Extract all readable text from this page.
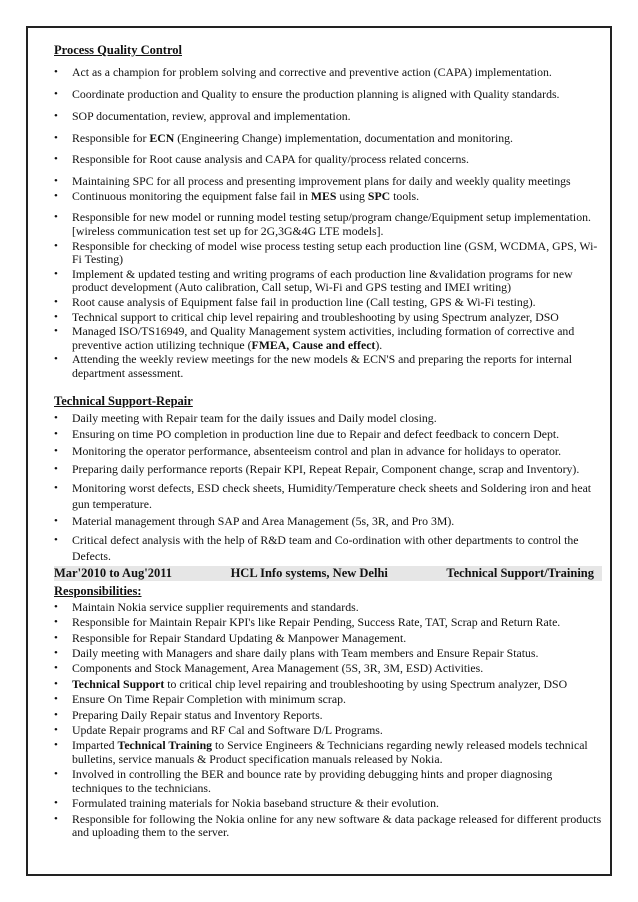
Process Quality Control

• Act as a champion for problem solving and corrective and preventive action (CAPA) implementation.
• Coordinate production and Quality to ensure the production planning is aligned with Quality standards.
• SOP documentation, review, approval and implementation.
• Responsible for ECN (Engineering Change) implementation, documentation and monitoring.
• Responsible for Root cause analysis and CAPA for quality/process related concerns.
• Maintaining SPC for all process and presenting improvement plans for daily and weekly quality meetings
• Continuous monitoring the equipment false fail in MES using SPC tools.
• Responsible for new model or running model testing setup/program change/Equipment setup implementation. [wireless communication test set up for 2G,3G&4G LTE models].
• Responsible for checking of model wise process testing setup each production line (GSM, WCDMA, GPS, Wi-Fi Testing)
• Implement & updated testing and writing programs of each production line &validation programs for new product development (Auto calibration, Call setup, Wi-Fi and GPS testing and IMEI writing)
• Root cause analysis of Equipment false fail in production line (Call testing, GPS & Wi-Fi testing).
• Technical support to critical chip level repairing and troubleshooting by using Spectrum analyzer, DSO
• Managed ISO/TS16949, and Quality Management system activities, including formation of corrective and preventive action utilizing technique (FMEA, Cause and effect).
• Attending the weekly review meetings for the new models & ECN'S and preparing the reports for internal department assessment.

Technical Support-Repair

• Daily meeting with Repair team for the daily issues and Daily model closing.
• Ensuring on time PO completion in production line due to Repair and defect feedback to concern Dept.
• Monitoring the operator performance, absenteeism control and plan in advance for holidays to operator.
• Preparing daily performance reports (Repair KPI, Repeat Repair, Component change, scrap and Inventory).
• Monitoring worst defects, ESD check sheets, Humidity/Temperature check sheets and Soldering iron and heat gun temperature.
• Material management through SAP and Area Management (5s, 3R, and Pro 3M).
• Critical defect analysis with the help of R&D team and Co-ordination with other departments to control the Defects.
Mar'2010 to Aug'2011	HCL Info systems, New Delhi	Technical Support/Training

Responsibilities:

• Maintain Nokia service supplier requirements and standards.
• Responsible for Maintain Repair KPI's like Repair Pending, Success Rate, TAT, Scrap and Return Rate.
• Responsible for Repair Standard Updating & Manpower Management.
• Daily meeting with Managers and share daily plans with Team members and Ensure Repair Status.
• Components and Stock Management, Area Management (5S, 3R, 3M, ESD) Activities.
• Technical Support to critical chip level repairing and troubleshooting by using Spectrum analyzer, DSO
• Ensure On Time Repair Completion with minimum scrap.
• Preparing Daily Repair status and Inventory Reports.
• Update Repair programs and RF Cal and Software D/L Programs.
• Imparted Technical Training to Service Engineers & Technicians regarding newly released models technical bulletins, service manuals & Product specification manuals released by Nokia.
• Involved in controlling the BER and bounce rate by providing debugging hints and proper diagnosing techniques to the technicians.
• Formulated training materials for Nokia baseband structure & their evolution.
• Responsible for following the Nokia online for any new software & data package released for different products and uploading them to the server.
